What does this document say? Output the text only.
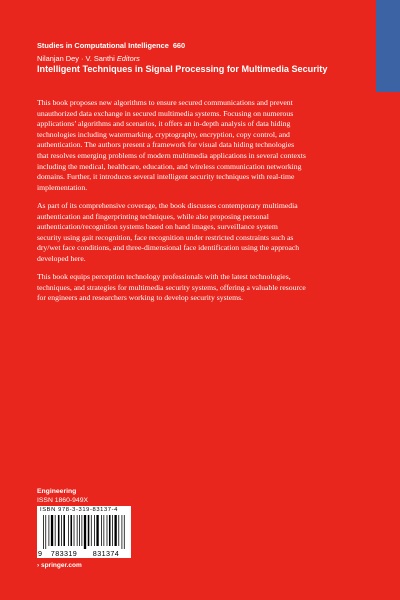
Studies in Computational Intelligence 660
Nilanjan Dey · V. Santhi Editors
Intelligent Techniques in Signal Processing for Multimedia Security

This book proposes new algorithms to ensure secured communications and prevent
unauthorized data exchange in secured multimedia systems. Focusing on numerous
applications’ algorithms and scenarios, it offers an in-depth analysis of data hiding
technologies including watermarking, cryptography, encryption, copy control, and
authentication. The authors present a framework for visual data hiding technologies
that resolves emerging problems of modern multimedia applications in several contexts
including the medical, healthcare, education, and wireless communication networking
domains. Further, it introduces several intelligent security techniques with real-time
implementation.

As part of its comprehensive coverage, the book discusses contemporary multimedia
authentication and fingerprinting techniques, while also proposing personal
authentication/recognition systems based on hand images, surveillance system
security using gait recognition, face recognition under restricted constraints such as
dry/wet face conditions, and three-dimensional face identification using the approach
developed here.

This book equips perception technology professionals with the latest technologies,
techniques, and strategies for multimedia security systems, offering a valuable resource
for engineers and researchers working to develop security systems.

Engineering
ISSN 1860-949X
ISBN 978-3-319-83137-4
9 783319 831374
› springer.com
